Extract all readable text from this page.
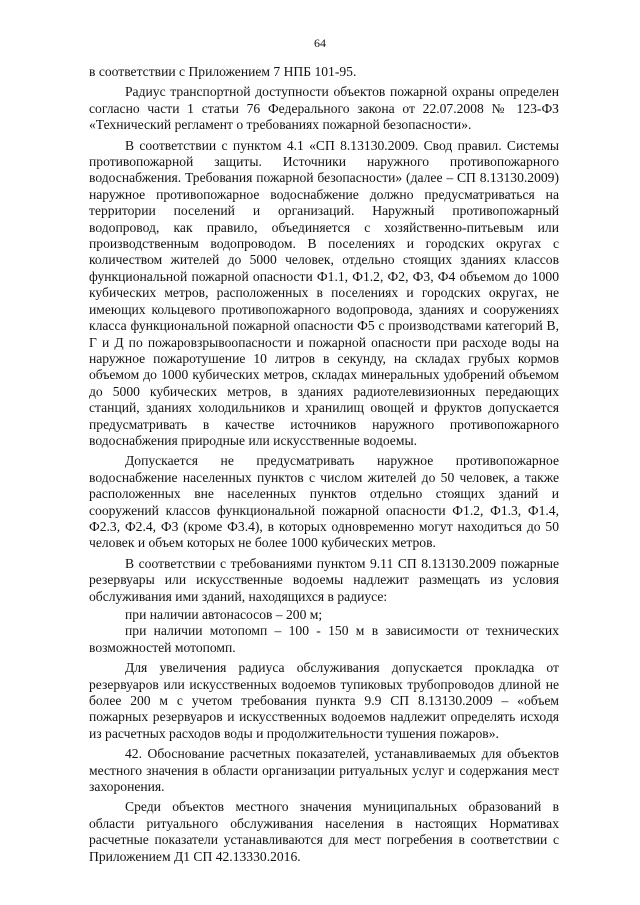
64

в соответствии с Приложением 7 НПБ 101-95.

Радиус транспортной доступности объектов пожарной охраны определен согласно части 1 статьи 76 Федерального закона от 22.07.2008 № 123-ФЗ «Технический регламент о требованиях пожарной безопасности».

В соответствии с пунктом 4.1 «СП 8.13130.2009. Свод правил. Системы противопожарной защиты. Источники наружного противопожарного водоснабжения. Требования пожарной безопасности» (далее – СП 8.13130.2009) наружное противопожарное водоснабжение должно предусматриваться на территории поселений и организаций. Наружный противопожарный водопровод, как правило, объединяется с хозяйственно-питьевым или производственным водопроводом. В поселениях и городских округах с количеством жителей до 5000 человек, отдельно стоящих зданиях классов функциональной пожарной опасности Ф1.1, Ф1.2, Ф2, Ф3, Ф4 объемом до 1000 кубических метров, расположенных в поселениях и городских округах, не имеющих кольцевого противопожарного водопровода, зданиях и сооружениях класса функциональной пожарной опасности Ф5 с производствами категорий В, Г и Д по пожаровзрывоопасности и пожарной опасности при расходе воды на наружное пожаротушение 10 литров в секунду, на складах грубых кормов объемом до 1000 кубических метров, складах минеральных удобрений объемом до 5000 кубических метров, в зданиях радиотелевизионных передающих станций, зданиях холодильников и хранилищ овощей и фруктов допускается предусматривать в качестве источников наружного противопожарного водоснабжения природные или искусственные водоемы.

Допускается не предусматривать наружное противопожарное водоснабжение населенных пунктов с числом жителей до 50 человек, а также расположенных вне населенных пунктов отдельно стоящих зданий и сооружений классов функциональной пожарной опасности Ф1.2, Ф1.3, Ф1.4, Ф2.3, Ф2.4, Ф3 (кроме Ф3.4), в которых одновременно могут находиться до 50 человек и объем которых не более 1000 кубических метров.

В соответствии с требованиями пунктом 9.11 СП 8.13130.2009 пожарные резервуары или искусственные водоемы надлежит размещать из условия обслуживания ими зданий, находящихся в радиусе:

при наличии автонасосов – 200 м;

при наличии мотопомп – 100 - 150 м в зависимости от технических возможностей мотопомп.

Для увеличения радиуса обслуживания допускается прокладка от резервуаров или искусственных водоемов тупиковых трубопроводов длиной не более 200 м с учетом требования пункта 9.9 СП 8.13130.2009 – «объем пожарных резервуаров и искусственных водоемов надлежит определять исходя из расчетных расходов воды и продолжительности тушения пожаров».

42. Обоснование расчетных показателей, устанавливаемых для объектов местного значения в области организации ритуальных услуг и содержания мест захоронения.

Среди объектов местного значения муниципальных образований в области ритуального обслуживания населения в настоящих Нормативах расчетные показатели устанавливаются для мест погребения в соответствии с Приложением Д1 СП 42.13330.2016.
